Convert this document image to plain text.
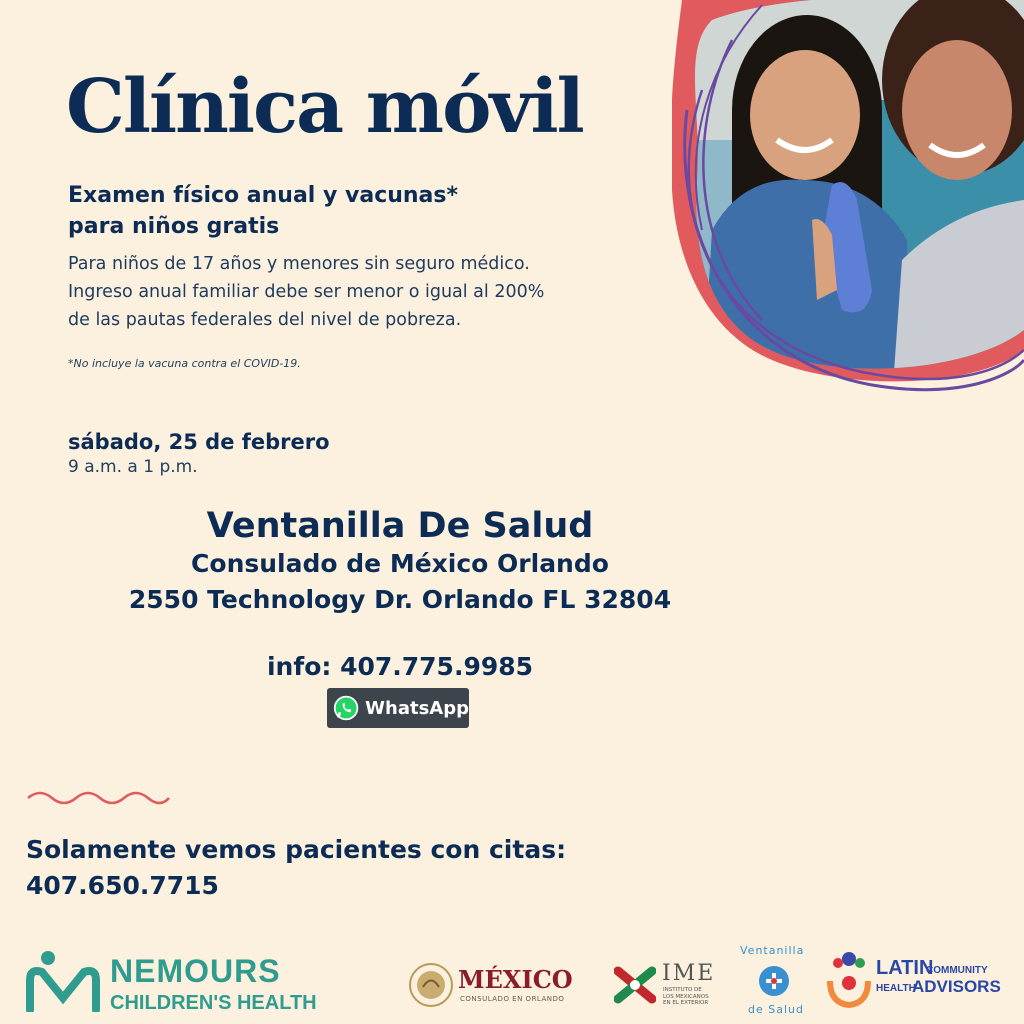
Clínica móvil
Examen físico anual y vacunas*
para niños gratis
Para niños de 17 años y menores sin seguro médico.
Ingreso anual familiar debe ser menor o igual al 200%
de las pautas federales del nivel de pobreza.
*No incluye la vacuna contra el COVID-19.
sábado, 25 de febrero
9 a.m. a 1 p.m.
Ventanilla De Salud
Consulado de México Orlando
2550 Technology Dr. Orlando FL 32804
info: 407.775.9985
WhatsApp
Solamente vemos pacientes con citas:
407.650.7715
NEMOURS
CHILDREN'S HEALTH
MÉXICO
CONSULADO EN ORLANDO
IME
INSTITUTO DE
LOS MEXICANOS
EN EL EXTERIOR
Ventanilla
de Salud
LATIN
COMMUNITY
HEALTH
ADVISORS
